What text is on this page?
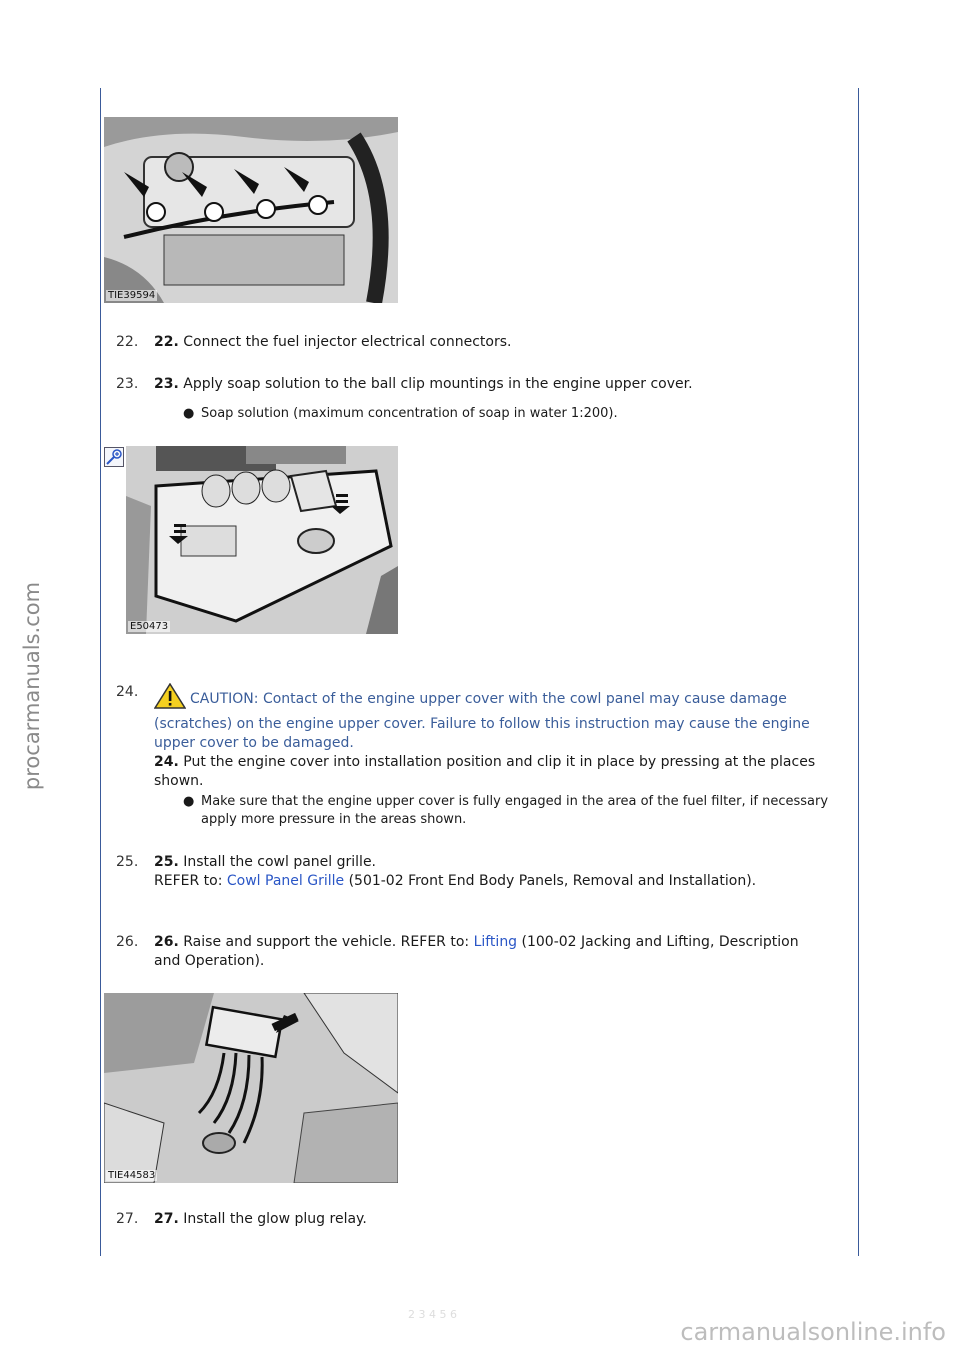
procarmanuals.com
carmanualsonline.info
2 3 4 5 6
TIE39594
22.	22. Connect the fuel injector electrical connectors.
23.	23. Apply soap solution to the ball clip mountings in the engine upper cover.
● Soap solution (maximum concentration of soap in water 1:200).
E50473
24.	CAUTION: Contact of the engine upper cover with the cowl panel may cause damage (scratches) on the engine upper cover. Failure to follow this instruction may cause the engine upper cover to be damaged.
24. Put the engine cover into installation position and clip it in place by pressing at the places shown.
● Make sure that the engine upper cover is fully engaged in the area of the fuel filter, if necessary apply more pressure in the areas shown.
25.	25. Install the cowl panel grille.
REFER to: Cowl Panel Grille (501-02 Front End Body Panels, Removal and Installation).
26.	26. Raise and support the vehicle. REFER to: Lifting (100-02 Jacking and Lifting, Description and Operation).
TIE44583
27.	27. Install the glow plug relay.
